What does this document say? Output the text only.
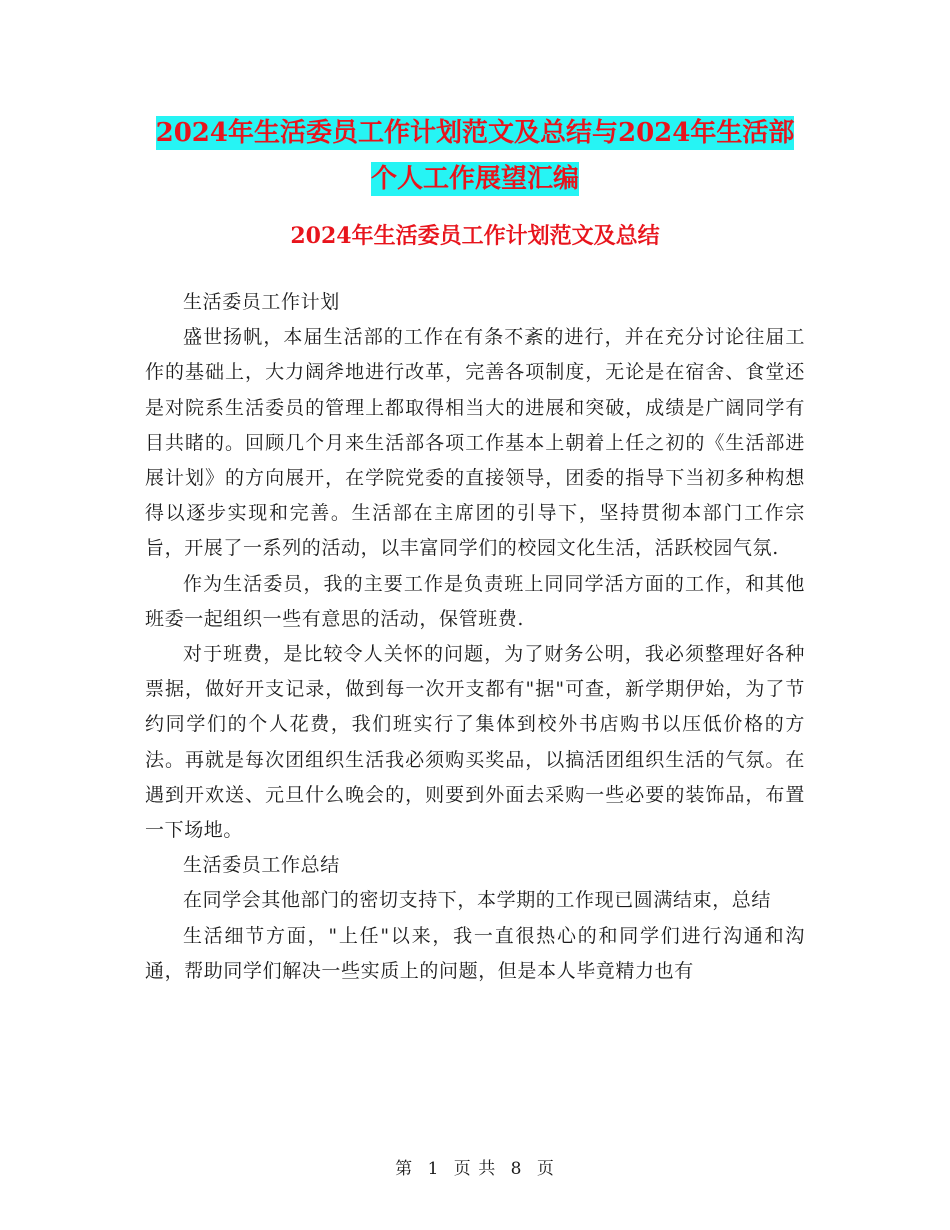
2024年生活委员工作计划范文及总结与2024年生活部
个人工作展望汇编
2024年生活委员工作计划范文及总结

生活委员工作计划

盛世扬帆，本届生活部的工作在有条不紊的进行，并在充分讨论往届工作的基础上，大力阔斧地进行改革，完善各项制度，无论是在宿舍、食堂还是对院系生活委员的管理上都取得相当大的进展和突破，成绩是广阔同学有目共睹的。回顾几个月来生活部各项工作基本上朝着上任之初的《生活部进展计划》的方向展开，在学院党委的直接领导，团委的指导下当初多种构想得以逐步实现和完善。生活部在主席团的引导下，坚持贯彻本部门工作宗旨，开展了一系列的活动，以丰富同学们的校园文化生活，活跃校园气氛.

作为生活委员，我的主要工作是负责班上同同学活方面的工作，和其他班委一起组织一些有意思的活动，保管班费.

对于班费，是比较令人关怀的问题，为了财务公明，我必须整理好各种票据，做好开支记录，做到每一次开支都有"据"可查，新学期伊始，为了节约同学们的个人花费，我们班实行了集体到校外书店购书以压低价格的方法。再就是每次团组织生活我必须购买奖品，以搞活团组织生活的气氛。在遇到开欢送、元旦什么晚会的，则要到外面去采购一些必要的装饰品，布置一下场地。

生活委员工作总结

在同学会其他部门的密切支持下，本学期的工作现已圆满结束，总结

生活细节方面，"上任"以来，我一直很热心的和同学们进行沟通和沟通，帮助同学们解决一些实质上的问题，但是本人毕竟精力也有

第 1 页 共 8 页
